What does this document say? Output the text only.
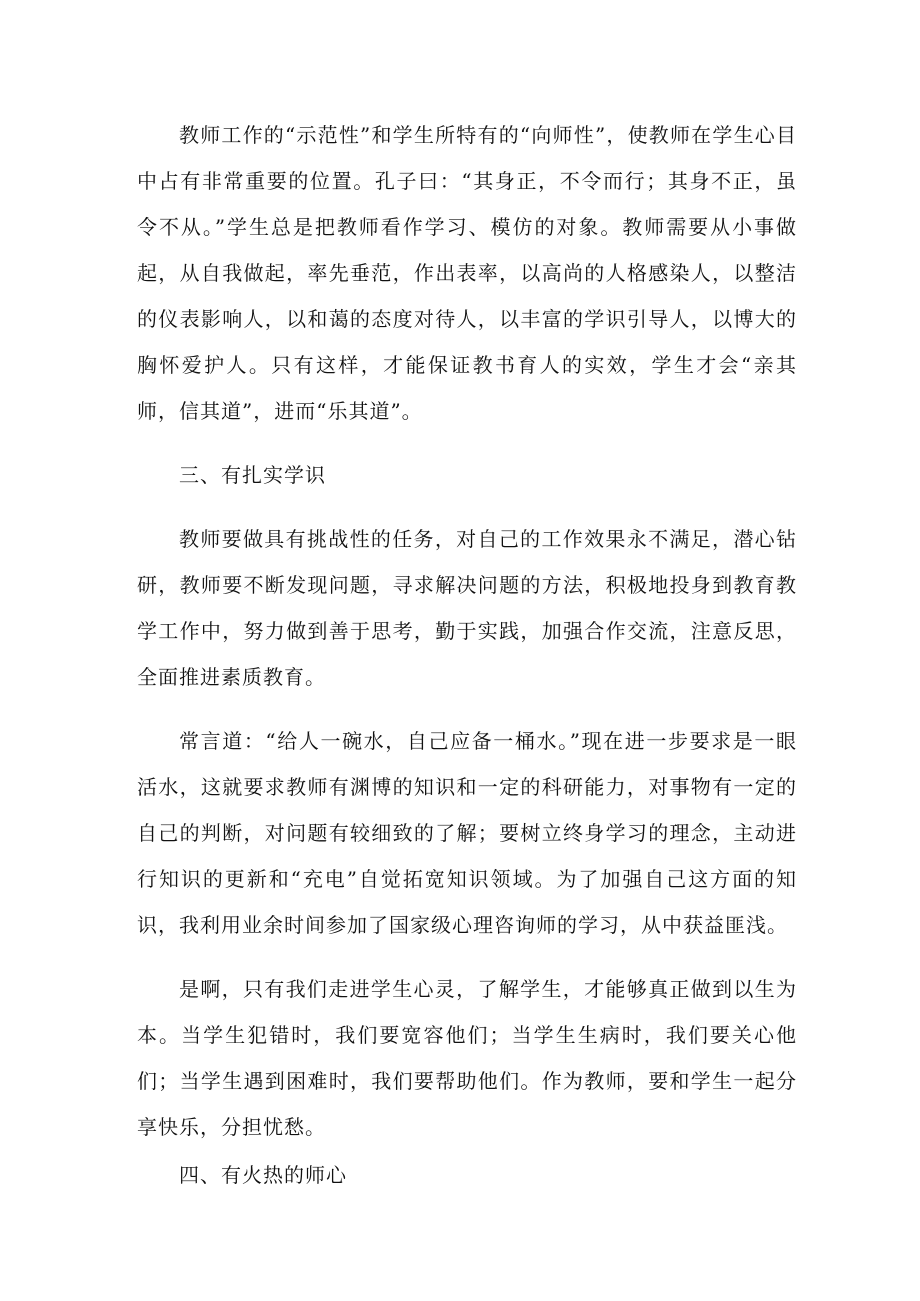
教师工作的“示范性”和学生所特有的“向师性”，使教师在学生心目中占有非常重要的位置。孔子曰：“其身正，不令而行；其身不正，虽令不从。”学生总是把教师看作学习、模仿的对象。教师需要从小事做起，从自我做起，率先垂范，作出表率，以高尚的人格感染人，以整洁的仪表影响人，以和蔼的态度对待人，以丰富的学识引导人，以博大的胸怀爱护人。只有这样，才能保证教书育人的实效，学生才会“亲其师，信其道”，进而“乐其道”。

三、有扎实学识

教师要做具有挑战性的任务，对自己的工作效果永不满足，潜心钻研，教师要不断发现问题，寻求解决问题的方法，积极地投身到教育教学工作中，努力做到善于思考，勤于实践，加强合作交流，注意反思，全面推进素质教育。

常言道：“给人一碗水，自己应备一桶水。”现在进一步要求是一眼活水，这就要求教师有渊博的知识和一定的科研能力，对事物有一定的自己的判断，对问题有较细致的了解；要树立终身学习的理念，主动进行知识的更新和“充电”自觉拓宽知识领域。为了加强自己这方面的知识，我利用业余时间参加了国家级心理咨询师的学习，从中获益匪浅。

是啊，只有我们走进学生心灵，了解学生，才能够真正做到以生为本。当学生犯错时，我们要宽容他们；当学生生病时，我们要关心他们；当学生遇到困难时，我们要帮助他们。作为教师，要和学生一起分享快乐，分担忧愁。

四、有火热的师心
